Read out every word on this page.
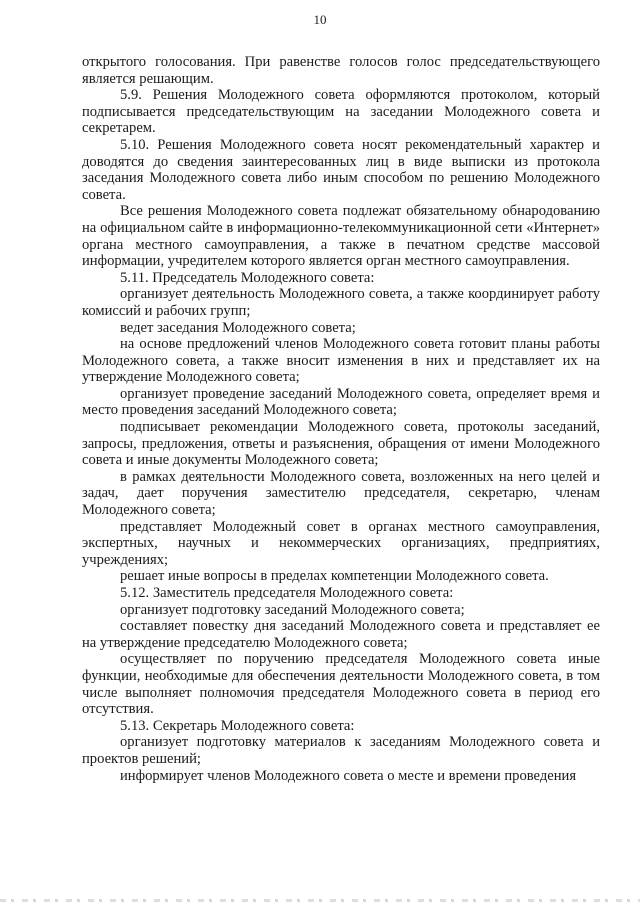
10

открытого голосования. При равенстве голосов голос председательствующего является решающим.

5.9. Решения Молодежного совета оформляются протоколом, который подписывается председательствующим на заседании Молодежного совета и секретарем.

5.10. Решения Молодежного совета носят рекомендательный характер и доводятся до сведения заинтересованных лиц в виде выписки из протокола заседания Молодежного совета либо иным способом по решению Молодежного совета.

Все решения Молодежного совета подлежат обязательному обнародованию на официальном сайте в информационно-телекоммуникационной сети «Интернет» органа местного самоуправления, а также в печатном средстве массовой информации, учредителем которого является орган местного самоуправления.

5.11. Председатель Молодежного совета:

организует деятельность Молодежного совета, а также координирует работу комиссий и рабочих групп;

ведет заседания Молодежного совета;

на основе предложений членов Молодежного совета готовит планы работы Молодежного совета, а также вносит изменения в них и представляет их на утверждение Молодежного совета;

организует проведение заседаний Молодежного совета, определяет время и место проведения заседаний Молодежного совета;

подписывает рекомендации Молодежного совета, протоколы заседаний, запросы, предложения, ответы и разъяснения, обращения от имени Молодежного совета и иные документы Молодежного совета;

в рамках деятельности Молодежного совета, возложенных на него целей и задач, дает поручения заместителю председателя, секретарю, членам Молодежного совета;

представляет Молодежный совет в органах местного самоуправления, экспертных, научных и некоммерческих организациях, предприятиях, учреждениях;

решает иные вопросы в пределах компетенции Молодежного совета.

5.12. Заместитель председателя Молодежного совета:

организует подготовку заседаний Молодежного совета;

составляет повестку дня заседаний Молодежного совета и представляет ее на утверждение председателю Молодежного совета;

осуществляет по поручению председателя Молодежного совета иные функции, необходимые для обеспечения деятельности Молодежного совета, в том числе выполняет полномочия председателя Молодежного совета в период его отсутствия.

5.13. Секретарь Молодежного совета:

организует подготовку материалов к заседаниям Молодежного совета и проектов решений;

информирует членов Молодежного совета о месте и времени проведения
